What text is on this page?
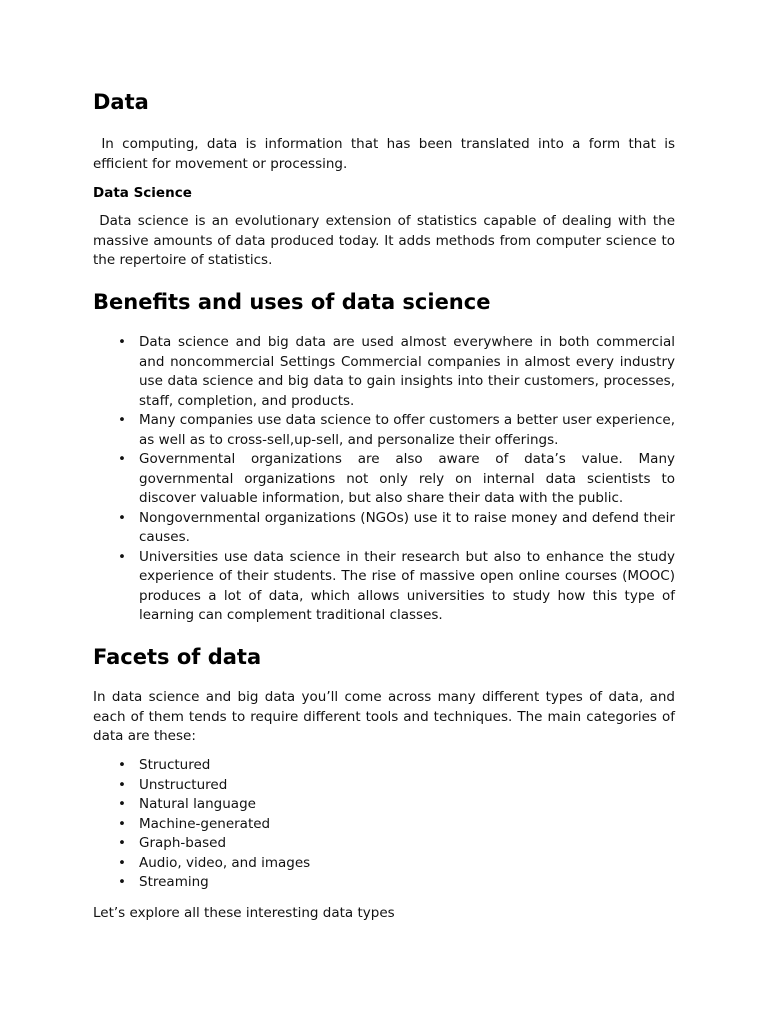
Data

In computing, data is information that has been translated into a form that is efficient for movement or processing.

Data Science

Data science is an evolutionary extension of statistics capable of dealing with the massive amounts of data produced today. It adds methods from computer science to the repertoire of statistics.

Benefits and uses of data science
• Data science and big data are used almost everywhere in both commercial and noncommercial Settings Commercial companies in almost every industry use data science and big data to gain insights into their customers, processes, staff, completion, and products.
• Many companies use data science to offer customers a better user experience, as well as to cross-sell,up-sell, and personalize their offerings.
• Governmental organizations are also aware of data’s value. Many governmental organizations not only rely on internal data scientists to discover valuable information, but also share their data with the public.
• Nongovernmental organizations (NGOs) use it to raise money and defend their causes.
• Universities use data science in their research but also to enhance the study experience of their students. The rise of massive open online courses (MOOC) produces a lot of data, which allows universities to study how this type of learning can complement traditional classes.
Facets of data

In data science and big data you’ll come across many different types of data, and each of them tends to require different tools and techniques. The main categories of data are these:

• Structured
• Unstructured
• Natural language
• Machine-generated
• Graph-based
• Audio, video, and images
• Streaming

Let’s explore all these interesting data types
